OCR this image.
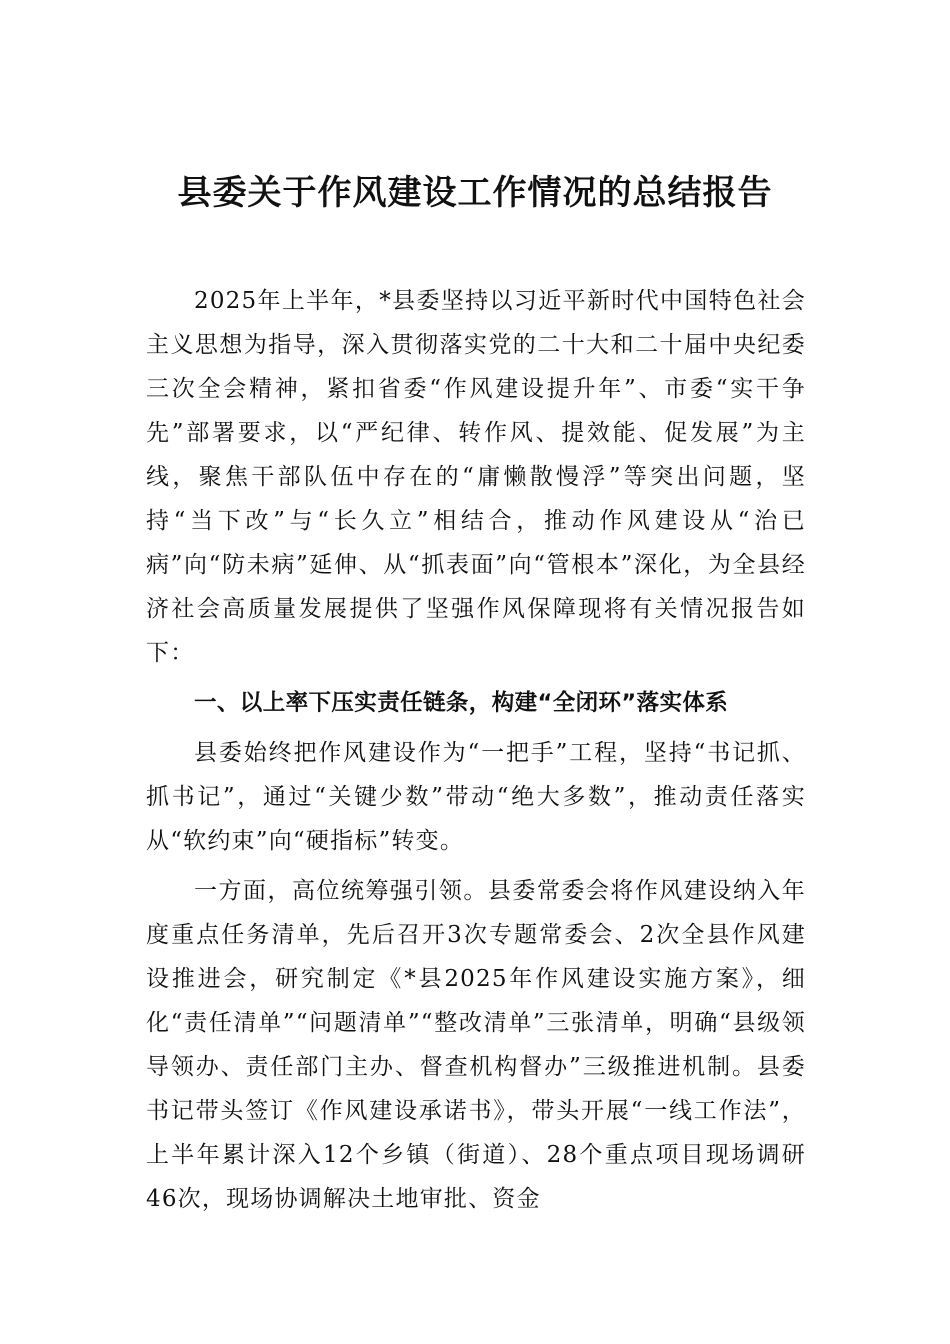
县委关于作风建设工作情况的总结报告

2025年上半年，*县委坚持以习近平新时代中国特色社会主义思想为指导，深入贯彻落实党的二十大和二十届中央纪委三次全会精神，紧扣省委“作风建设提升年”、市委“实干争先”部署要求，以“严纪律、转作风、提效能、促发展”为主线，聚焦干部队伍中存在的“庸懒散慢浮”等突出问题，坚持“当下改”与“长久立”相结合，推动作风建设从“治已病”向“防未病”延伸、从“抓表面”向“管根本”深化，为全县经济社会高质量发展提供了坚强作风保障现将有关情况报告如下：

一、以上率下压实责任链条，构建“全闭环”落实体系

县委始终把作风建设作为“一把手”工程，坚持“书记抓、抓书记”，通过“关键少数”带动“绝大多数”，推动责任落实从“软约束”向“硬指标”转变。

一方面，高位统筹强引领。县委常委会将作风建设纳入年度重点任务清单，先后召开3次专题常委会、2次全县作风建设推进会，研究制定《*县2025年作风建设实施方案》，细化“责任清单”“问题清单”“整改清单”三张清单，明确“县级领导领办、责任部门主办、督查机构督办”三级推进机制。县委书记带头签订《作风建设承诺书》，带头开展“一线工作法”，上半年累计深入12个乡镇（街道）、28个重点项目现场调研46次，现场协调解决土地审批、资金
